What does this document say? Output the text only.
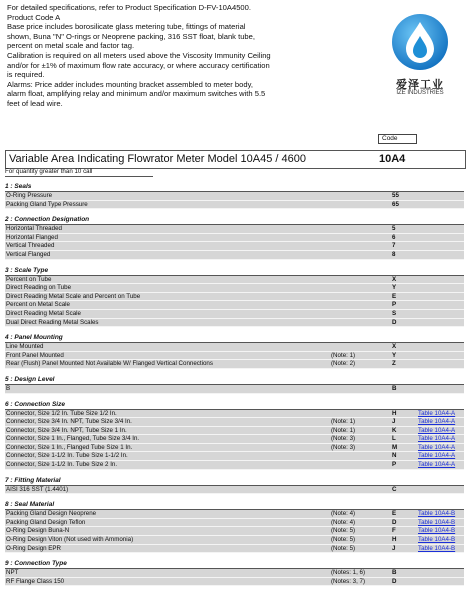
For detailed specifications, refer to Product Specification D-FV-10A4500.
Product Code A
Base price includes borosilicate glass metering tube, fittings of material
shown, Buna "N" O-rings or Neoprene packing, 316 SST float, blank tube,
percent on metal scale and factor tag.
Calibration is required on all meters used above the Viscosity Immunity Ceiling
and/or for ±1% of maximum flow rate accuracy, or where accuracy certification
is required.
Alarms: Price adder includes mounting bracket assembled to meter body,
alarm float, amplifying relay and minimum and/or maximum switches with 5.5
feet of lead wire.
爱泽工业
IZE INDUSTRIES
Code
Variable Area Indicating Flowrator Meter Model 10A45 / 4600	10A4
For quantity greater than 10 call
1 : Seals
O-Ring Pressure	55
Packing Gland Type Pressure	65
2 : Connection Designation
Horizontal Threaded	5
Horizontal Flanged	6
Vertical Threaded	7
Vertical Flanged	8
3 : Scale Type
Percent on Tube	X
Direct Reading on Tube	Y
Direct Reading Metal Scale and Percent on Tube	E
Percent on Metal Scale	P
Direct Reading Metal Scale	S
Dual Direct Reading Metal Scales	D
4 : Panel Mounting
Line Mounted	X
Front Panel Mounted	(Note: 1)	Y
Rear (Flush) Panel Mounted Not Available W/ Flanged Vertical Connections	(Note: 2)	Z
5 : Design Level
B	B
6 : Connection Size
Connector, Size 1/2 In. Tube Size 1/2 In.	H	Table 10A4-A
Connector, Size 3/4 In. NPT, Tube Size 3/4 In.	(Note: 1)	J	Table 10A4-A
Connector, Size 3/4 In. NPT, Tube Size 1 In.	(Note: 1)	K	Table 10A4-A
Connector, Size 1 In., Flanged, Tube Size 3/4 In.	(Note: 3)	L	Table 10A4-A
Connector, Size 1 In., Flanged Tube Size 1 In.	(Note: 3)	M	Table 10A4-A
Connector, Size 1-1/2 In. Tube Size 1-1/2 In.	N	Table 10A4-A
Connector, Size 1-1/2 In. Tube Size 2 In.	P	Table 10A4-A
7 : Fitting Material
AISI 316 SST (1.4401)	C
8 : Seal Material
Packing Gland Design Neoprene	(Note: 4)	E	Table 10A4-B
Packing Gland Design Teflon	(Note: 4)	D	Table 10A4-B
O-Ring Design Buna-N	(Note: 5)	F	Table 10A4-B
O-Ring Design Viton (Not used with Ammonia)	(Note: 5)	H	Table 10A4-B
O-Ring Design EPR	(Note: 5)	J	Table 10A4-B
9 : Connection Type
NPT	(Notes: 1, 6)	B
RF Flange Class 150	(Notes: 3, 7)	D
